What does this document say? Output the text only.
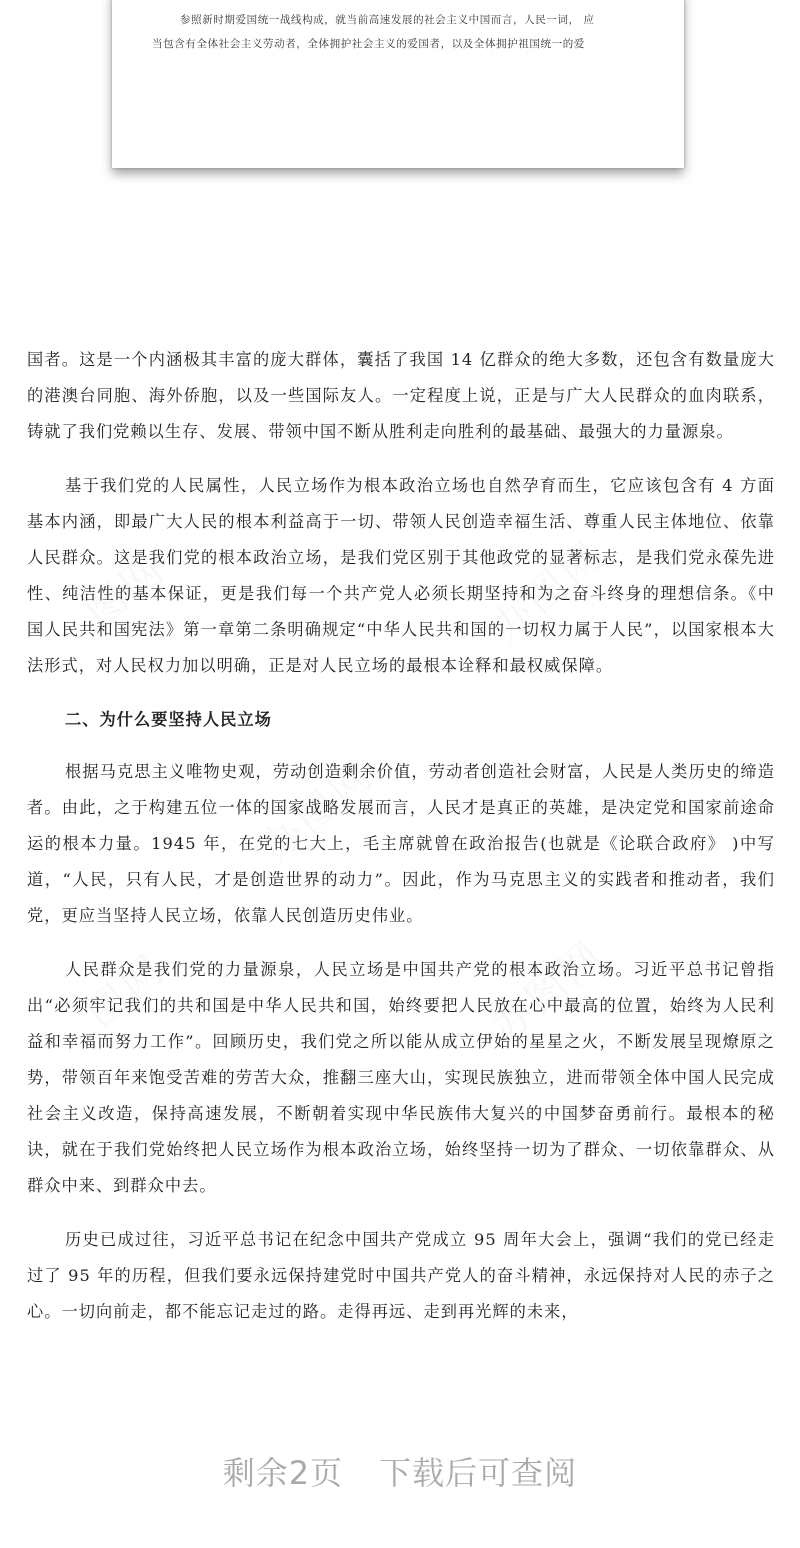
参照新时期爱国统一战线构成，就当前高速发展的社会主义中国而言，人民一词， 应

当包含有全体社会主义劳动者，全体拥护社会主义的爱国者，以及全体拥护祖国统一的爱

图网	办图网
办图网
图网	办图网

国者。这是一个内涵极其丰富的庞大群体，囊括了我国 14 亿群众的绝大多数，还包含有数量庞大的港澳台同胞、海外侨胞，以及一些国际友人。一定程度上说，正是与广大人民群众的血肉联系，铸就了我们党赖以生存、发展、带领中国不断从胜利走向胜利的最基础、最强大的力量源泉。

基于我们党的人民属性，人民立场作为根本政治立场也自然孕育而生，它应该包含有 4 方面基本内涵，即最广大人民的根本利益高于一切、带领人民创造幸福生活、尊重人民主体地位、依靠人民群众。这是我们党的根本政治立场，是我们党区别于其他政党的显著标志，是我们党永葆先进性、纯洁性的基本保证，更是我们每一个共产党人必须长期坚持和为之奋斗终身的理想信条。《中国人民共和国宪法》第一章第二条明确规定“中华人民共和国的一切权力属于人民”，以国家根本大法形式，对人民权力加以明确，正是对人民立场的最根本诠释和最权威保障。

二、为什么要坚持人民立场

根据马克思主义唯物史观，劳动创造剩余价值，劳动者创造社会财富，人民是人类历史的缔造者。由此，之于构建五位一体的国家战略发展而言，人民才是真正的英雄，是决定党和国家前途命运的根本力量。1945 年，在党的七大上，毛主席就曾在政治报告(也就是《论联合政府》 )中写道，“人民，只有人民，才是创造世界的动力”。因此，作为马克思主义的实践者和推动者，我们党，更应当坚持人民立场，依靠人民创造历史伟业。

人民群众是我们党的力量源泉，人民立场是中国共产党的根本政治立场。习近平总书记曾指出“必须牢记我们的共和国是中华人民共和国，始终要把人民放在心中最高的位置，始终为人民利益和幸福而努力工作”。回顾历史，我们党之所以能从成立伊始的星星之火，不断发展呈现燎原之势，带领百年来饱受苦难的劳苦大众，推翻三座大山，实现民族独立，进而带领全体中国人民完成社会主义改造，保持高速发展，不断朝着实现中华民族伟大复兴的中国梦奋勇前行。最根本的秘诀，就在于我们党始终把人民立场作为根本政治立场，始终坚持一切为了群众、一切依靠群众、从群众中来、到群众中去。

历史已成过往，习近平总书记在纪念中国共产党成立 95 周年大会上，强调“我们的党已经走过了 95 年的历程，但我们要永远保持建党时中国共产党人的奋斗精神，永远保持对人民的赤子之心。一切向前走，都不能忘记走过的路。走得再远、走到再光辉的未来，

剩余2页 下载后可查阅
